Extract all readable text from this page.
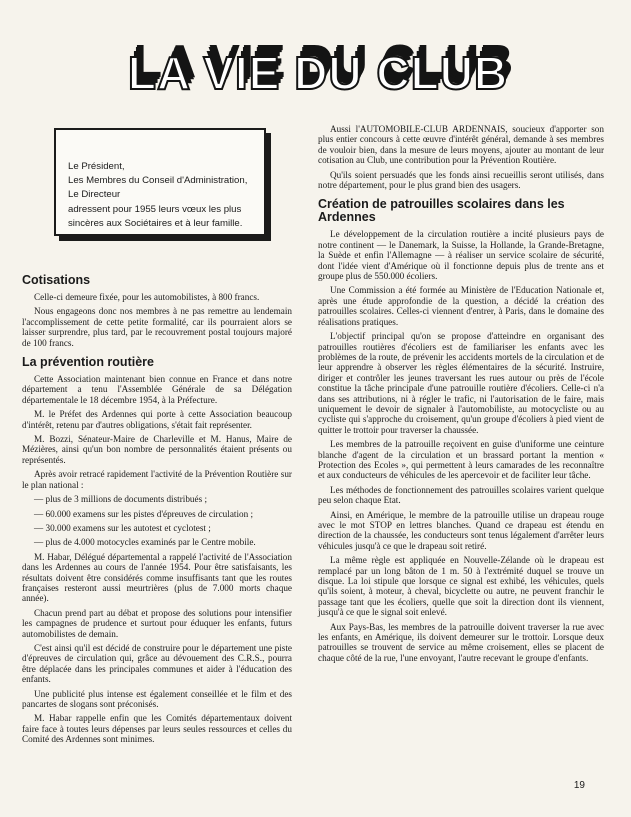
LA VIE DU CLUB
Le Président,
Les Membres du Conseil d'Administration,
Le Directeur
adressent pour 1955 leurs vœux les plus
sincères aux Sociétaires et à leur famille.
Cotisations

Celle-ci demeure fixée, pour les automobilistes, à 800 francs.

Nous engageons donc nos membres à ne pas remettre au lendemain l'accomplissement de cette petite formalité, car ils pourraient alors se laisser surprendre, plus tard, par le recouvrement postal toujours majoré de 100 francs.

La prévention routière

Cette Association maintenant bien connue en France et dans notre département a tenu l'Assemblée Générale de sa Délégation départementale le 18 décembre 1954, à la Préfecture.

M. le Préfet des Ardennes qui porte à cette Association beaucoup d'intérêt, retenu par d'autres obligations, s'était fait représenter.

M. Bozzi, Sénateur-Maire de Charleville et M. Hanus, Maire de Mézières, ainsi qu'un bon nombre de personnalités étaient présents ou représentés.

Après avoir retracé rapidement l'activité de la Prévention Routière sur le plan national :

— plus de 3 millions de documents distribués ;

— 60.000 examens sur les pistes d'épreuves de circulation ;

— 30.000 examens sur les autotest et cyclotest ;

— plus de 4.000 motocycles examinés par le Centre mobile.

M. Habar, Délégué départemental a rappelé l'activité de l'Association dans les Ardennes au cours de l'année 1954. Pour être satisfaisants, les résultats doivent être considérés comme insuffisants tant que les routes françaises resteront aussi meurtrières (plus de 7.000 morts chaque année).

Chacun prend part au débat et propose des solutions pour intensifier les campagnes de prudence et surtout pour éduquer les enfants, futurs automobilistes de demain.

C'est ainsi qu'il est décidé de construire pour le département une piste d'épreuves de circulation qui, grâce au dévouement des C.R.S., pourra être déplacée dans les principales communes et aider à l'éducation des enfants.

Une publicité plus intense est également conseillée et le film et des pancartes de slogans sont préconisés.

M. Habar rappelle enfin que les Comités départementaux doivent faire face à toutes leurs dépenses par leurs seules ressources et celles du Comité des Ardennes sont minimes.

Aussi l'AUTOMOBILE-CLUB ARDENNAIS, soucieux d'apporter son plus entier concours à cette œuvre d'intérêt général, demande à ses membres de vouloir bien, dans la mesure de leurs moyens, ajouter au montant de leur cotisation au Club, une contribution pour la Prévention Routière.

Qu'ils soient persuadés que les fonds ainsi recueillis seront utilisés, dans notre département, pour le plus grand bien des usagers.

Création de patrouilles scolaires dans les Ardennes

Le développement de la circulation routière a incité plusieurs pays de notre continent — le Danemark, la Suisse, la Hollande, la Grande-Bretagne, la Suède et enfin l'Allemagne — à réaliser un service scolaire de sécurité, dont l'idée vient d'Amérique où il fonctionne depuis plus de trente ans et groupe plus de 550.000 écoliers.

Une Commission a été formée au Ministère de l'Education Nationale et, après une étude approfondie de la question, a décidé la création des patrouilles scolaires. Celles-ci viennent d'entrer, à Paris, dans le domaine des réalisations pratiques.

L'objectif principal qu'on se propose d'atteindre en organisant des patrouilles routières d'écoliers est de familiariser les enfants avec les problèmes de la route, de prévenir les accidents mortels de la circulation et de leur apprendre à observer les règles élémentaires de la sécurité. Instruire, diriger et contrôler les jeunes traversant les rues autour ou près de l'école constitue la tâche principale d'une patrouille routière d'écoliers. Celle-ci n'a dans ses attributions, ni à régler le trafic, ni l'autorisation de le faire, mais uniquement le devoir de signaler à l'automobiliste, au motocycliste ou au cycliste qui s'approche du croisement, qu'un groupe d'écoliers à pied vient de quitter le trottoir pour traverser la chaussée.

Les membres de la patrouille reçoivent en guise d'uniforme une ceinture blanche d'agent de la circulation et un brassard portant la mention « Protection des Ecoles », qui permettent à leurs camarades de les reconnaître et aux conducteurs de véhicules de les apercevoir et de faciliter leur tâche.

Les méthodes de fonctionnement des patrouilles scolaires varient quelque peu selon chaque Etat.

Ainsi, en Amérique, le membre de la patrouille utilise un drapeau rouge avec le mot STOP en lettres blanches. Quand ce drapeau est étendu en direction de la chaussée, les conducteurs sont tenus légalement d'arrêter leurs véhicules jusqu'à ce que le drapeau soit retiré.

La même règle est appliquée en Nouvelle-Zélande où le drapeau est remplacé par un long bâton de 1 m. 50 à l'extrémité duquel se trouve un disque. La loi stipule que lorsque ce signal est exhibé, les véhicules, quels qu'ils soient, à moteur, à cheval, bicyclette ou autre, ne peuvent franchir le passage tant que les écoliers, quelle que soit la direction dont ils viennent, jusqu'à ce que le signal soit enlevé.

Aux Pays-Bas, les membres de la patrouille doivent traverser la rue avec les enfants, en Amérique, ils doivent demeurer sur le trottoir. Lorsque deux patrouilles se trouvent de service au même croisement, elles se placent de chaque côté de la rue, l'une envoyant, l'autre recevant le groupe d'enfants.

19
